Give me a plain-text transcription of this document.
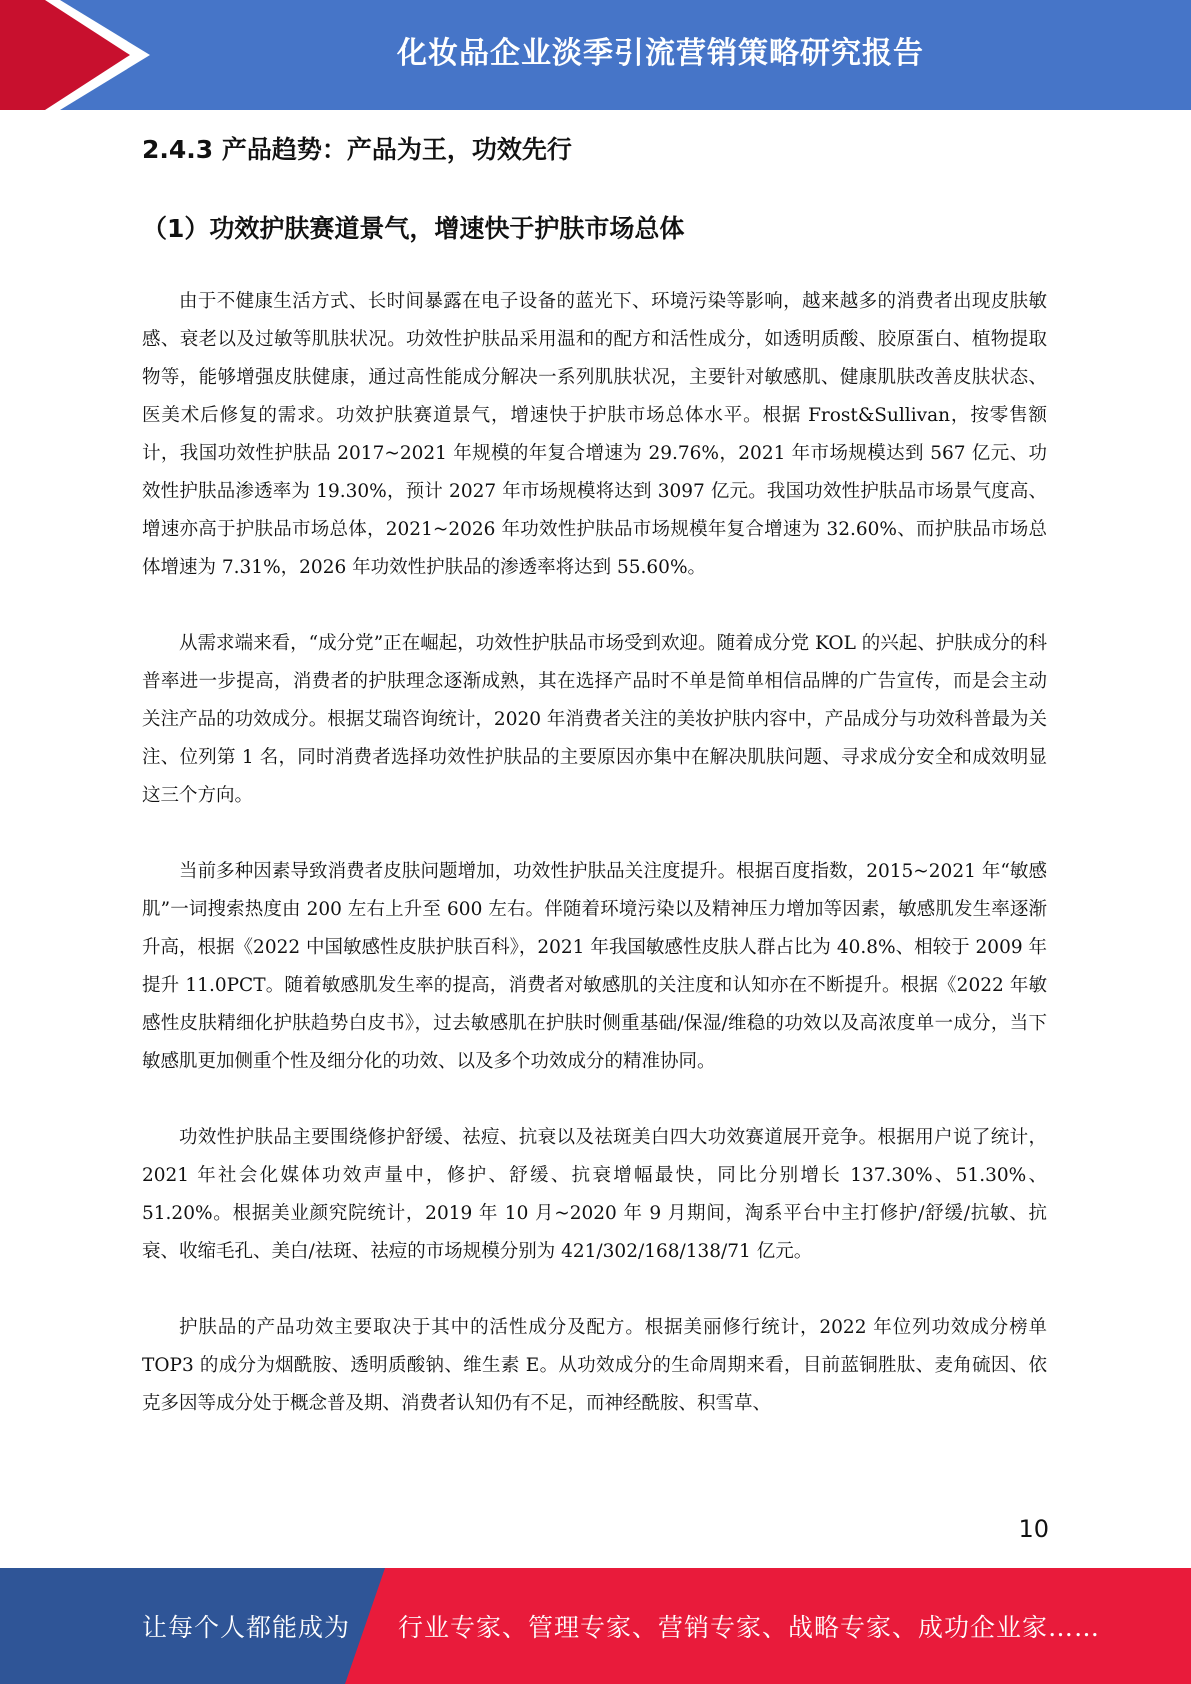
化妆品企业淡季引流营销策略研究报告
2.4.3 产品趋势：产品为王，功效先行
（1）功效护肤赛道景气，增速快于护肤市场总体

由于不健康生活方式、长时间暴露在电子设备的蓝光下、环境污染等影响，越来越多的消费者出现皮肤敏感、衰老以及过敏等肌肤状况。功效性护肤品采用温和的配方和活性成分，如透明质酸、胶原蛋白、植物提取物等，能够增强皮肤健康，通过高性能成分解决一系列肌肤状况，主要针对敏感肌、健康肌肤改善皮肤状态、医美术后修复的需求。功效护肤赛道景气，增速快于护肤市场总体水平。根据 Frost&Sullivan，按零售额计，我国功效性护肤品 2017~2021 年规模的年复合增速为 29.76%，2021 年市场规模达到 567 亿元、功效性护肤品渗透率为 19.30%，预计 2027 年市场规模将达到 3097 亿元。我国功效性护肤品市场景气度高、增速亦高于护肤品市场总体，2021~2026 年功效性护肤品市场规模年复合增速为 32.60%、而护肤品市场总体增速为 7.31%，2026 年功效性护肤品的渗透率将达到 55.60%。

从需求端来看，“成分党”正在崛起，功效性护肤品市场受到欢迎。随着成分党 KOL 的兴起、护肤成分的科普率进一步提高，消费者的护肤理念逐渐成熟，其在选择产品时不单是简单相信品牌的广告宣传，而是会主动关注产品的功效成分。根据艾瑞咨询统计，2020 年消费者关注的美妆护肤内容中，产品成分与功效科普最为关注、位列第 1 名，同时消费者选择功效性护肤品的主要原因亦集中在解决肌肤问题、寻求成分安全和成效明显这三个方向。

当前多种因素导致消费者皮肤问题增加，功效性护肤品关注度提升。根据百度指数，2015~2021 年“敏感肌”一词搜索热度由 200 左右上升至 600 左右。伴随着环境污染以及精神压力增加等因素，敏感肌发生率逐渐升高，根据《2022 中国敏感性皮肤护肤百科》，2021 年我国敏感性皮肤人群占比为 40.8%、相较于 2009 年提升 11.0PCT。随着敏感肌发生率的提高，消费者对敏感肌的关注度和认知亦在不断提升。根据《2022 年敏感性皮肤精细化护肤趋势白皮书》，过去敏感肌在护肤时侧重基础/保湿/维稳的功效以及高浓度单一成分，当下敏感肌更加侧重个性及细分化的功效、以及多个功效成分的精准协同。

功效性护肤品主要围绕修护舒缓、祛痘、抗衰以及祛斑美白四大功效赛道展开竞争。根据用户说了统计，2021 年社会化媒体功效声量中，修护、舒缓、抗衰增幅最快，同比分别增长 137.30%、51.30%、51.20%。根据美业颜究院统计，2019 年 10 月~2020 年 9 月期间，淘系平台中主打修护/舒缓/抗敏、抗衰、收缩毛孔、美白/祛斑、祛痘的市场规模分别为 421/302/168/138/71 亿元。

护肤品的产品功效主要取决于其中的活性成分及配方。根据美丽修行统计，2022 年位列功效成分榜单 TOP3 的成分为烟酰胺、透明质酸钠、维生素 E。从功效成分的生命周期来看，目前蓝铜胜肽、麦角硫因、依克多因等成分处于概念普及期、消费者认知仍有不足，而神经酰胺、积雪草、

10
让每个人都能成为 行业专家、管理专家、营销专家、战略专家、成功企业家……
